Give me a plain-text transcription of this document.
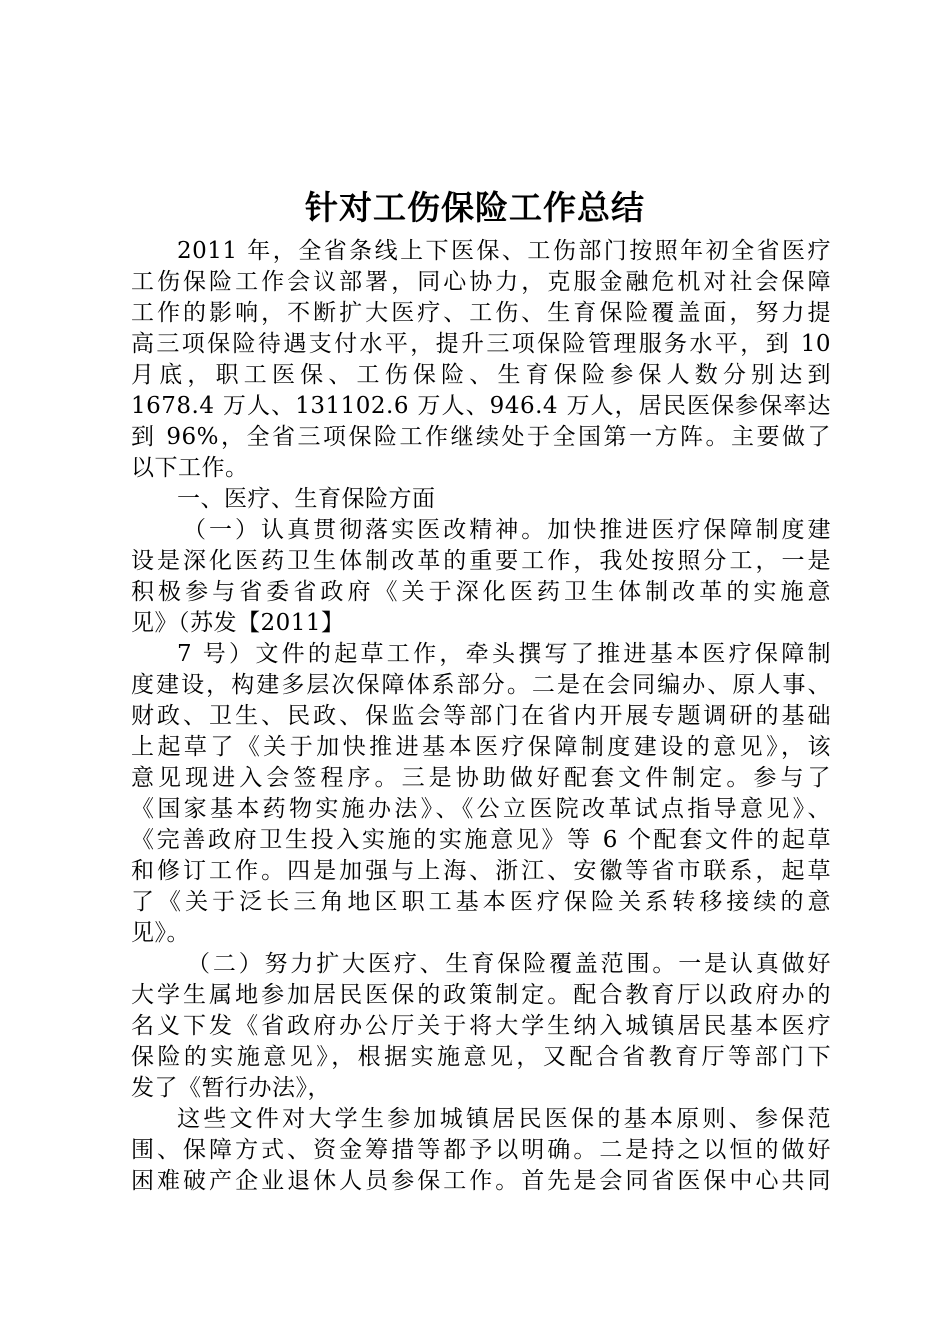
针对工伤保险工作总结
2011 年，全省条线上下医保、工伤部门按照年初全省医疗
工伤保险工作会议部署，同心协力，克服金融危机对社会保障
工作的影响，不断扩大医疗、工伤、生育保险覆盖面，努力提
高三项保险待遇支付水平，提升三项保险管理服务水平，到 10
月底，职工医保、工伤保险、生育保险参保人数分别达到
1678.4 万人、131102.6 万人、946.4 万人，居民医保参保率达
到 96%，全省三项保险工作继续处于全国第一方阵。主要做了
以下工作。
一、医疗、生育保险方面
（一）认真贯彻落实医改精神。加快推进医疗保障制度建
设是深化医药卫生体制改革的重要工作，我处按照分工，一是
积极参与省委省政府《关于深化医药卫生体制改革的实施意
见》（苏发【2011】
7 号）文件的起草工作，牵头撰写了推进基本医疗保障制
度建设，构建多层次保障体系部分。二是在会同编办、原人事、
财政、卫生、民政、保监会等部门在省内开展专题调研的基础
上起草了《关于加快推进基本医疗保障制度建设的意见》，该
意见现进入会签程序。三是协助做好配套文件制定。参与了
《国家基本药物实施办法》、《公立医院改革试点指导意见》、
《完善政府卫生投入实施的实施意见》等 6 个配套文件的起草
和修订工作。四是加强与上海、浙江、安徽等省市联系，起草
了《关于泛长三角地区职工基本医疗保险关系转移接续的意
见》。
（二）努力扩大医疗、生育保险覆盖范围。一是认真做好
大学生属地参加居民医保的政策制定。配合教育厅以政府办的
名义下发《省政府办公厅关于将大学生纳入城镇居民基本医疗
保险的实施意见》，根据实施意见，又配合省教育厅等部门下
发了《暂行办法》，
这些文件对大学生参加城镇居民医保的基本原则、参保范
围、保障方式、资金筹措等都予以明确。二是持之以恒的做好
困难破产企业退休人员参保工作。首先是会同省医保中心共同
